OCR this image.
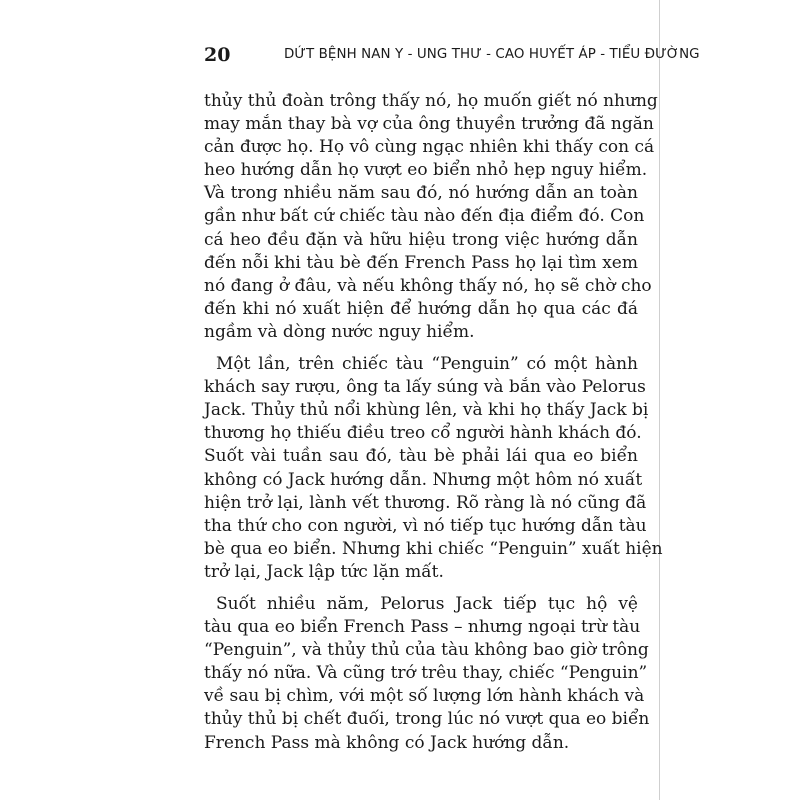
20	DỨT BỆNH NAN Y - UNG THƯ - CAO HUYẾT ÁP - TIỂU ĐƯỜNG

thủy thủ đoàn trông thấy nó, họ muốn giết nó nhưng
may mắn thay bà vợ của ông thuyền trưởng đã ngăn
cản được họ. Họ vô cùng ngạc nhiên khi thấy con cá
heo hướng dẫn họ vượt eo biển nhỏ hẹp nguy hiểm.
Và trong nhiều năm sau đó, nó hướng dẫn an toàn
gần như bất cứ chiếc tàu nào đến địa điểm đó. Con
cá heo đều đặn và hữu hiệu trong việc hướng dẫn
đến nỗi khi tàu bè đến French Pass họ lại tìm xem
nó đang ở đâu, và nếu không thấy nó, họ sẽ chờ cho
đến khi nó xuất hiện để hướng dẫn họ qua các đá
ngầm và dòng nước nguy hiểm.

Một lần, trên chiếc tàu “Penguin” có một hành
khách say rượu, ông ta lấy súng và bắn vào Pelorus
Jack. Thủy thủ nổi khùng lên, và khi họ thấy Jack bị
thương họ thiếu điều treo cổ người hành khách đó.
Suốt vài tuần sau đó, tàu bè phải lái qua eo biển
không có Jack hướng dẫn. Nhưng một hôm nó xuất
hiện trở lại, lành vết thương. Rõ ràng là nó cũng đã
tha thứ cho con người, vì nó tiếp tục hướng dẫn tàu
bè qua eo biển. Nhưng khi chiếc “Penguin” xuất hiện
trở lại, Jack lập tức lặn mất.

Suốt nhiều năm, Pelorus Jack tiếp tục hộ vệ
tàu qua eo biển French Pass – nhưng ngoại trừ tàu
“Penguin”, và thủy thủ của tàu không bao giờ trông
thấy nó nữa. Và cũng trớ trêu thay, chiếc “Penguin”
về sau bị chìm, với một số lượng lớn hành khách và
thủy thủ bị chết đuối, trong lúc nó vượt qua eo biển
French Pass mà không có Jack hướng dẫn.
